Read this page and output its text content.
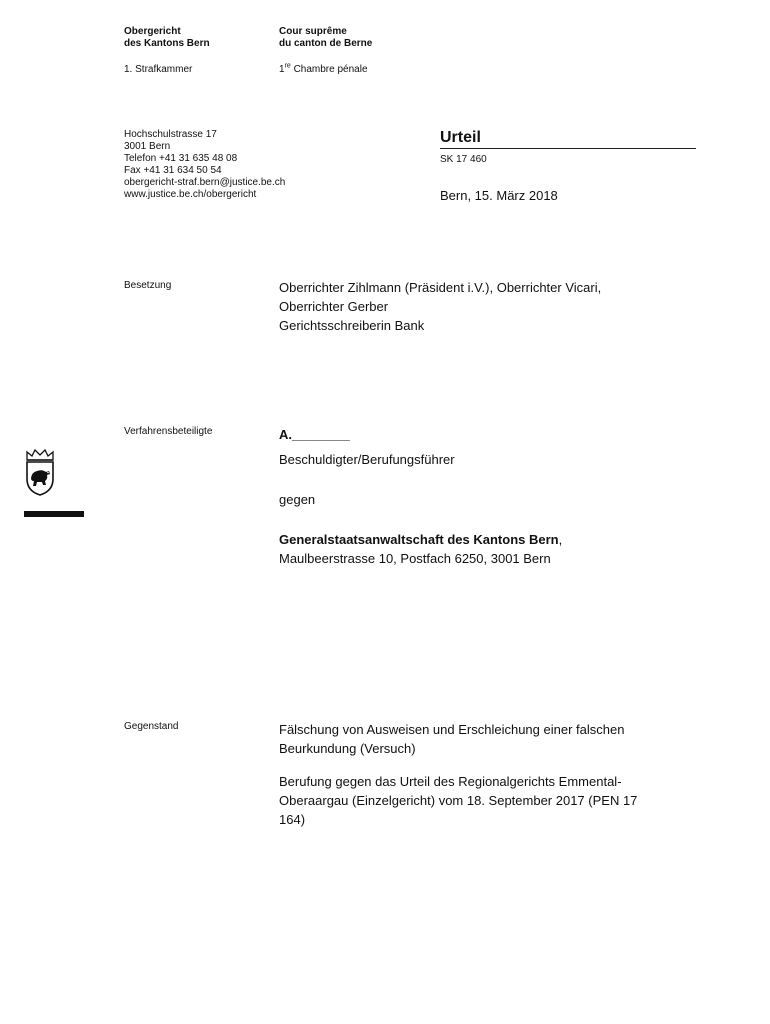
Obergericht
des Kantons Bern
Cour suprême
du canton de Berne
1. Strafkammer	1re Chambre pénale
Hochschulstrasse 17
3001 Bern
Telefon +41 31 635 48 08
Fax +41 31 634 50 54
obergericht-straf.bern@justice.be.ch
www.justice.be.ch/obergericht
Urteil
SK 17 460
Bern, 15. März 2018
Besetzung	Oberrichter Zihlmann (Präsident i.V.), Oberrichter Vicari,
Oberrichter Gerber
Gerichtsschreiberin Bank
Verfahrensbeteiligte	A.________
Beschuldigter/Berufungsführer
gegen
Generalstaatsanwaltschaft des Kantons Bern,
Maulbeerstrasse 10, Postfach 6250, 3001 Bern
Gegenstand	Fälschung von Ausweisen und Erschleichung einer falschen
Beurkundung (Versuch)
Berufung gegen das Urteil des Regionalgerichts Emmental-
Oberaargau (Einzelgericht) vom 18. September 2017 (PEN 17
164)
